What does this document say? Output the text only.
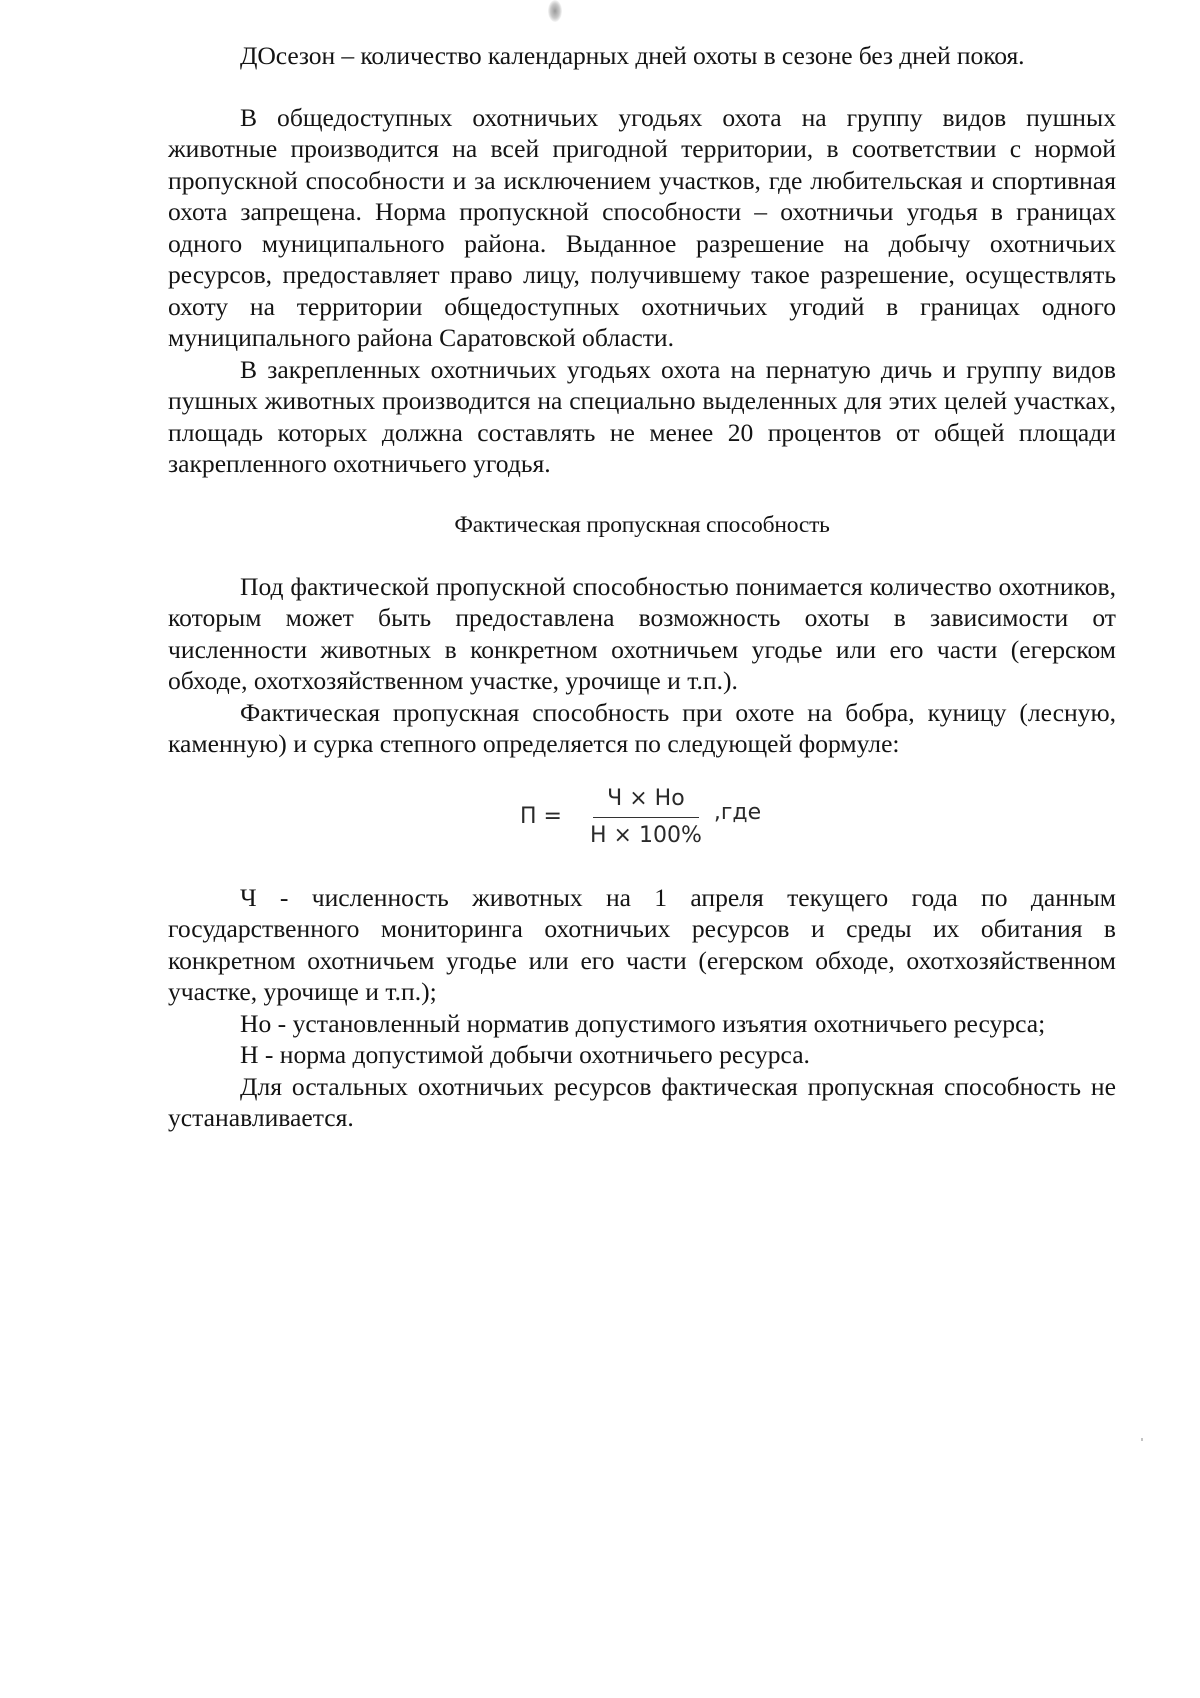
ДОсезон – количество календарных дней охоты в сезоне без дней покоя.

В общедоступных охотничьих угодьях охота на группу видов пушных животные производится на всей пригодной территории, в соответствии с нормой пропускной способности и за исключением участков, где любительская и спортивная охота запрещена. Норма пропускной способности – охотничьи угодья в границах одного муниципального района. Выданное разрешение на добычу охотничьих ресурсов, предоставляет право лицу, получившему такое разрешение, осуществлять охоту на территории общедоступных охотничьих угодий в границах одного муниципального района Саратовской области.

В закрепленных охотничьих угодьях охота на пернатую дичь и группу видов пушных животных производится на специально выделенных для этих целей участках, площадь которых должна составлять не менее 20 процентов от общей площади закрепленного охотничьего угодья.

Фактическая пропускная способность

Под фактической пропускной способностью понимается количество охотников, которым может быть предоставлена возможность охоты в зависимости от численности животных в конкретном охотничьем угодье или его части (егерском обходе, охотхозяйственном участке, урочище и т.п.).

Фактическая пропускная способность при охоте на бобра, куницу (лесную, каменную) и сурка степного определяется по следующей формуле:

$П = \frac{Ч \times Но}{Н \times 100\%} ,где$

Ч - численность животных на 1 апреля текущего года по данным государственного мониторинга охотничьих ресурсов и среды их обитания в конкретном охотничьем угодье или его части (егерском обходе, охотхозяйственном участке, урочище и т.п.);

Но - установленный норматив допустимого изъятия охотничьего ресурса;

Н - норма допустимой добычи охотничьего ресурса.

Для остальных охотничьих ресурсов фактическая пропускная способность не устанавливается.
